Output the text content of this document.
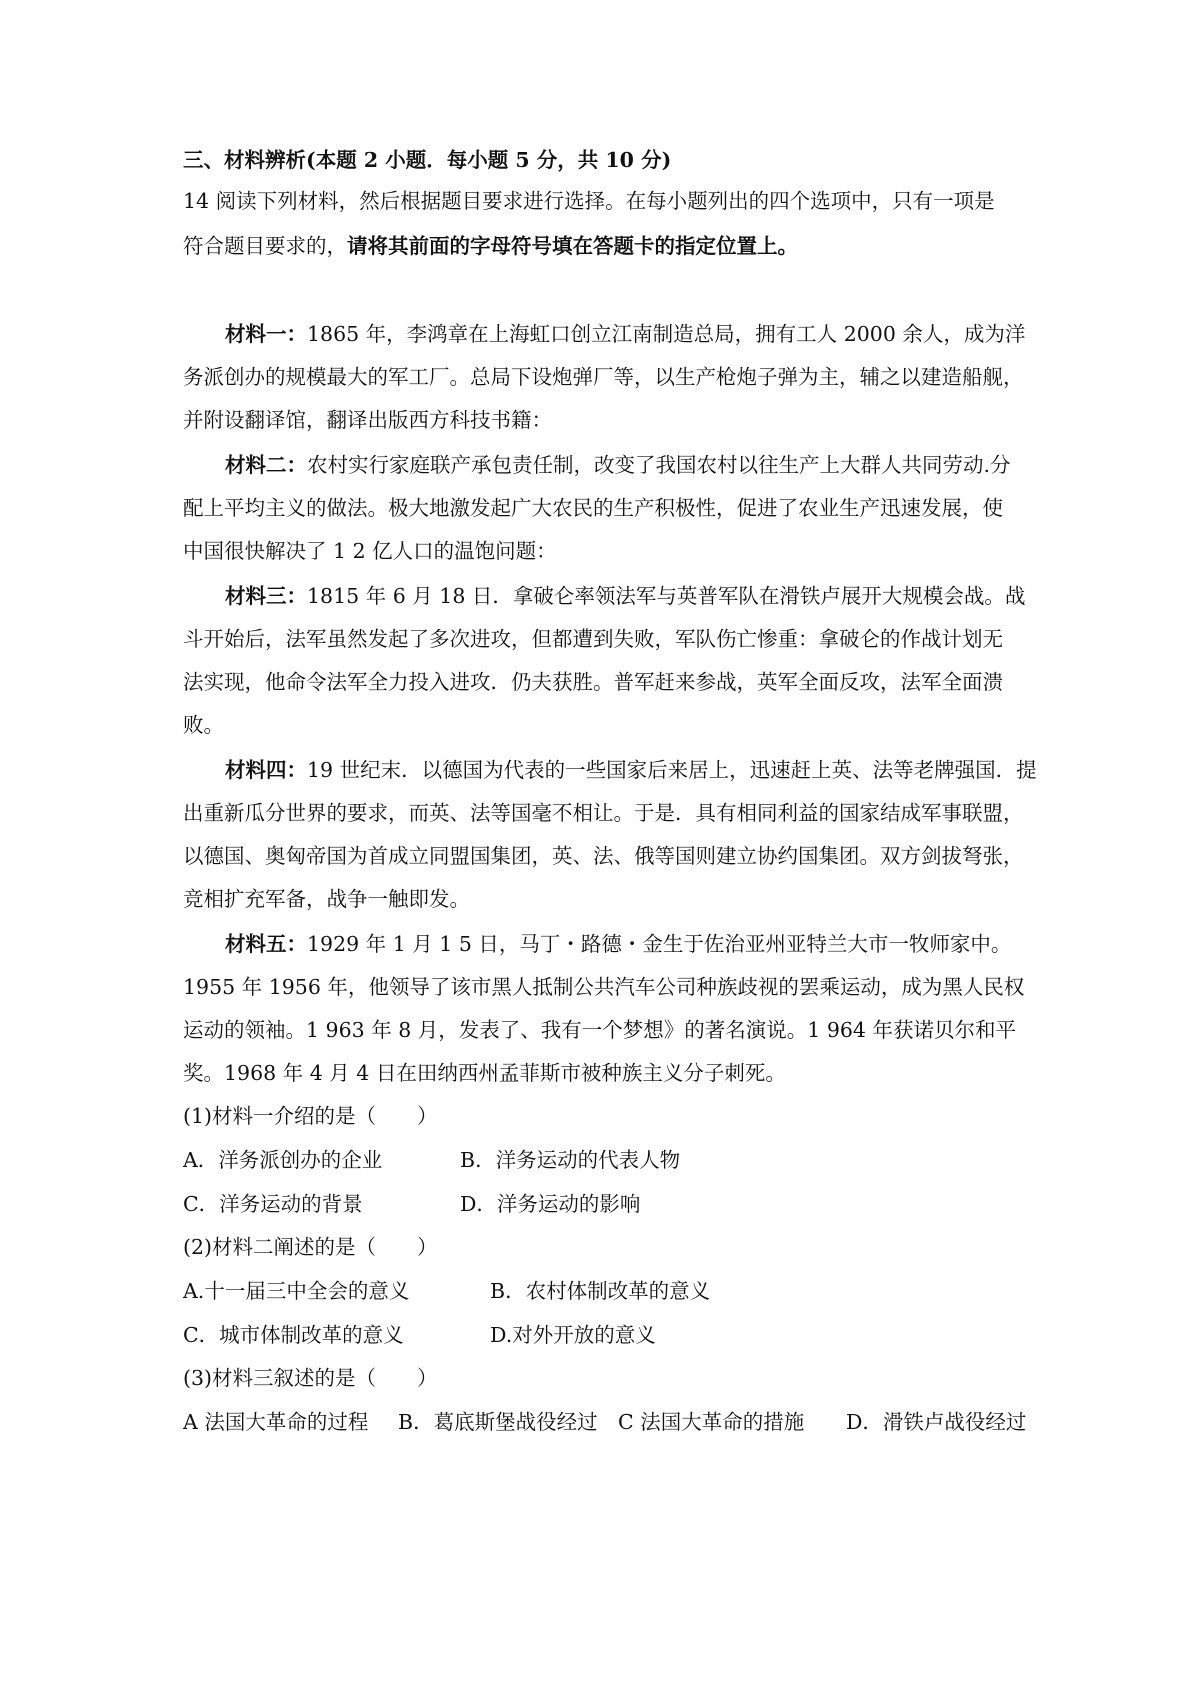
三、材料辨析(本题 2 小题．每小题 5 分，共 10 分)
14 阅读下列材料，然后根据题目要求进行选择。在每小题列出的四个选项中，只有一项是
符合题目要求的，请将其前面的字母符号填在答题卡的指定位置上。
材料一：1865 年，李鸿章在上海虹口创立江南制造总局，拥有工人 2000 余人，成为洋
务派创办的规模最大的军工厂。总局下设炮弹厂等，以生产枪炮子弹为主，辅之以建造船舰，
并附设翻译馆，翻译出版西方科技书籍：
材料二：农村实行家庭联产承包责任制，改变了我国农村以往生产上大群人共同劳动.分
配上平均主义的做法。极大地激发起广大农民的生产积极性，促进了农业生产迅速发展，使
中国很快解决了 1 2 亿人口的温饱问题：
材料三：1815 年 6 月 18 日．拿破仑率领法军与英普军队在滑铁卢展开大规模会战。战
斗开始后，法军虽然发起了多次进攻，但都遭到失败，军队伤亡惨重：拿破仑的作战计划无
法实现，他命令法军全力投入进攻．仍夫获胜。普军赶来参战，英军全面反攻，法军全面溃
败。
材料四：19 世纪末．以德国为代表的一些国家后来居上，迅速赶上英、法等老牌强国．提
出重新瓜分世界的要求，而英、法等国毫不相让。于是．具有相同利益的国家结成军事联盟，
以德国、奥匈帝国为首成立同盟国集团，英、法、俄等国则建立协约国集团。双方剑拔弩张，
竞相扩充军备，战争一触即发。
材料五：1929 年 1 月 1 5 日，马丁・路德・金生于佐治亚州亚特兰大市一牧师家中。
1955 年 1956 年，他领导了该市黑人抵制公共汽车公司种族歧视的罢乘运动，成为黑人民权
运动的领袖。1 963 年 8 月，发表了、我有一个梦想》的著名演说。1 964 年获诺贝尔和平
奖。1968 年 4 月 4 日在田纳西州孟菲斯市被种族主义分子刺死。
(1)材料一介绍的是（　　）
A．洋务派创办的企业	B．洋务运动的代表人物
C．洋务运动的背景	D．洋务运动的影响
(2)材料二阐述的是（　　）
A.十一届三中全会的意义	B．农村体制改革的意义
C．城市体制改革的意义	D.对外开放的意义
(3)材料三叙述的是（　　）
A 法国大革命的过程 B．葛底斯堡战役经过 C 法国大革命的措施 D．滑铁卢战役经过
